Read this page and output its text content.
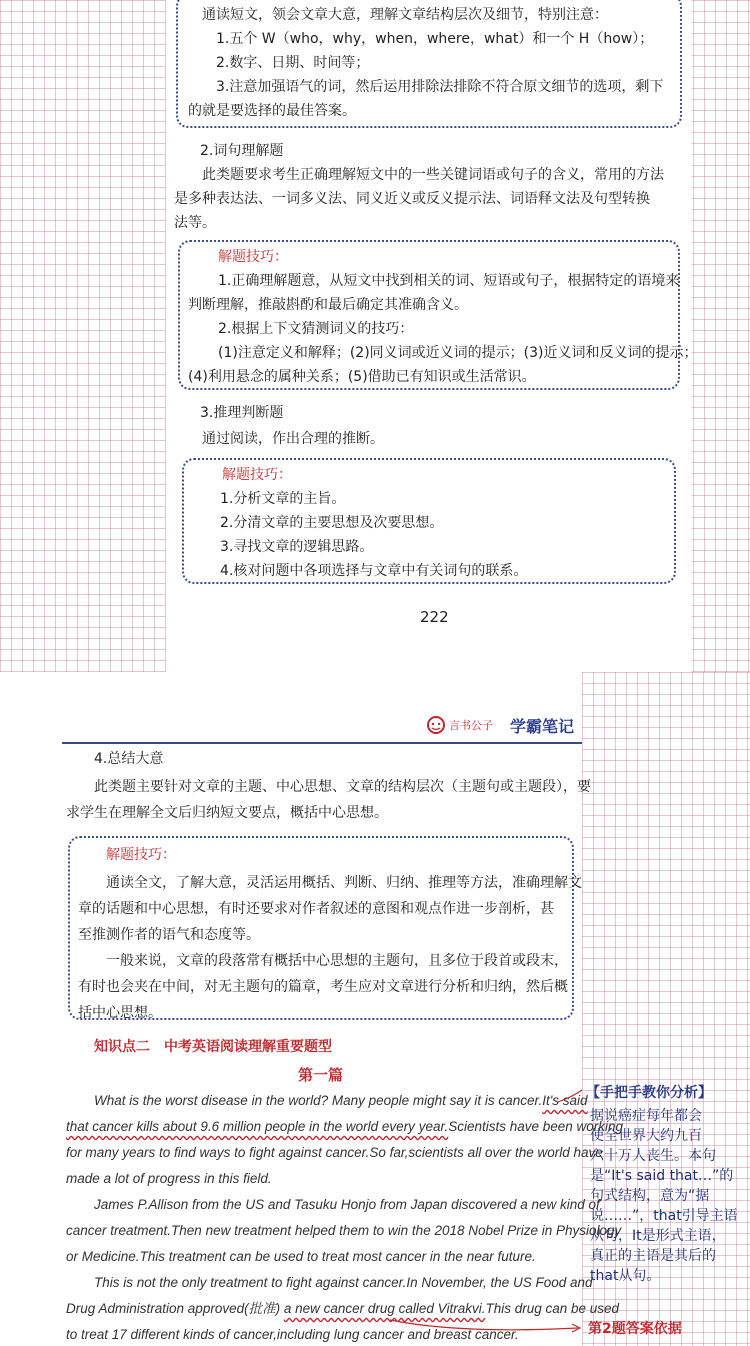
通读短文，领会文章大意，理解文章结构层次及细节，特别注意：
1.五个 W（who，why，when，where，what）和一个 H（how）；
2.数字、日期、时间等；
3.注意加强语气的词，然后运用排除法排除不符合原文细节的选项，剩下
的就是要选择的最佳答案。
2.词句理解题
此类题要求考生正确理解短文中的一些关键词语或句子的含义，常用的方法
是多种表达法、一词多义法、同义近义或反义提示法、词语释文法及句型转换
法等。
解题技巧：
1.正确理解题意，从短文中找到相关的词、短语或句子，根据特定的语境来
判断理解，推敲斟酌和最后确定其准确含义。
2.根据上下文猜测词义的技巧：
(1)注意定义和解释；(2)同义词或近义词的提示；(3)近义词和反义词的提示；
(4)利用悬念的属种关系；(5)借助已有知识或生活常识。
3.推理判断题
通过阅读，作出合理的推断。
解题技巧：
1.分析文章的主旨。
2.分清文章的主要思想及次要思想。
3.寻找文章的逻辑思路。
4.核对问题中各项选择与文章中有关词句的联系。
222
言书公子 学霸笔记
4.总结大意
此类题主要针对文章的主题、中心思想、文章的结构层次（主题句或主题段），要
求学生在理解全文后归纳短文要点，概括中心思想。
解题技巧：
通读全文，了解大意，灵活运用概括、判断、归纳、推理等方法，准确理解文
章的话题和中心思想，有时还要求对作者叙述的意图和观点作进一步剖析，甚
至推测作者的语气和态度等。
一般来说，文章的段落常有概括中心思想的主题句，且多位于段首或段末，
有时也会夹在中间，对无主题句的篇章，考生应对文章进行分析和归纳，然后概
括中心思想。
知识点二　中考英语阅读理解重要题型
第一篇
What is the worst disease in the world? Many people might say it is cancer.It's said
that cancer kills about 9.6 million people in the world every year.Scientists have been working
for many years to find ways to fight against cancer.So far,scientists all over the world have
made a lot of progress in this field.
James P.Allison from the US and Tasuku Honjo from Japan discovered a new kind of
cancer treatment.Then new treatment helped them to win the 2018 Nobel Prize in Physiology
or Medicine.This treatment can be used to treat most cancer in the near future.
This is not the only treatment to fight against cancer.In November, the US Food and
Drug Administration approved(批准) a new cancer drug called Vitrakvi.This drug can be used
to treat 17 different kinds of cancer,including lung cancer and breast cancer.
【手把手教你分析】
据说癌症每年都会
使全世界大约九百
六十万人丧生。本句
是“It's said that…”的
句式结构，意为“据
说……”，that引导主语
从句，It是形式主语，
真正的主语是其后的
that从句。
第2题答案依据
